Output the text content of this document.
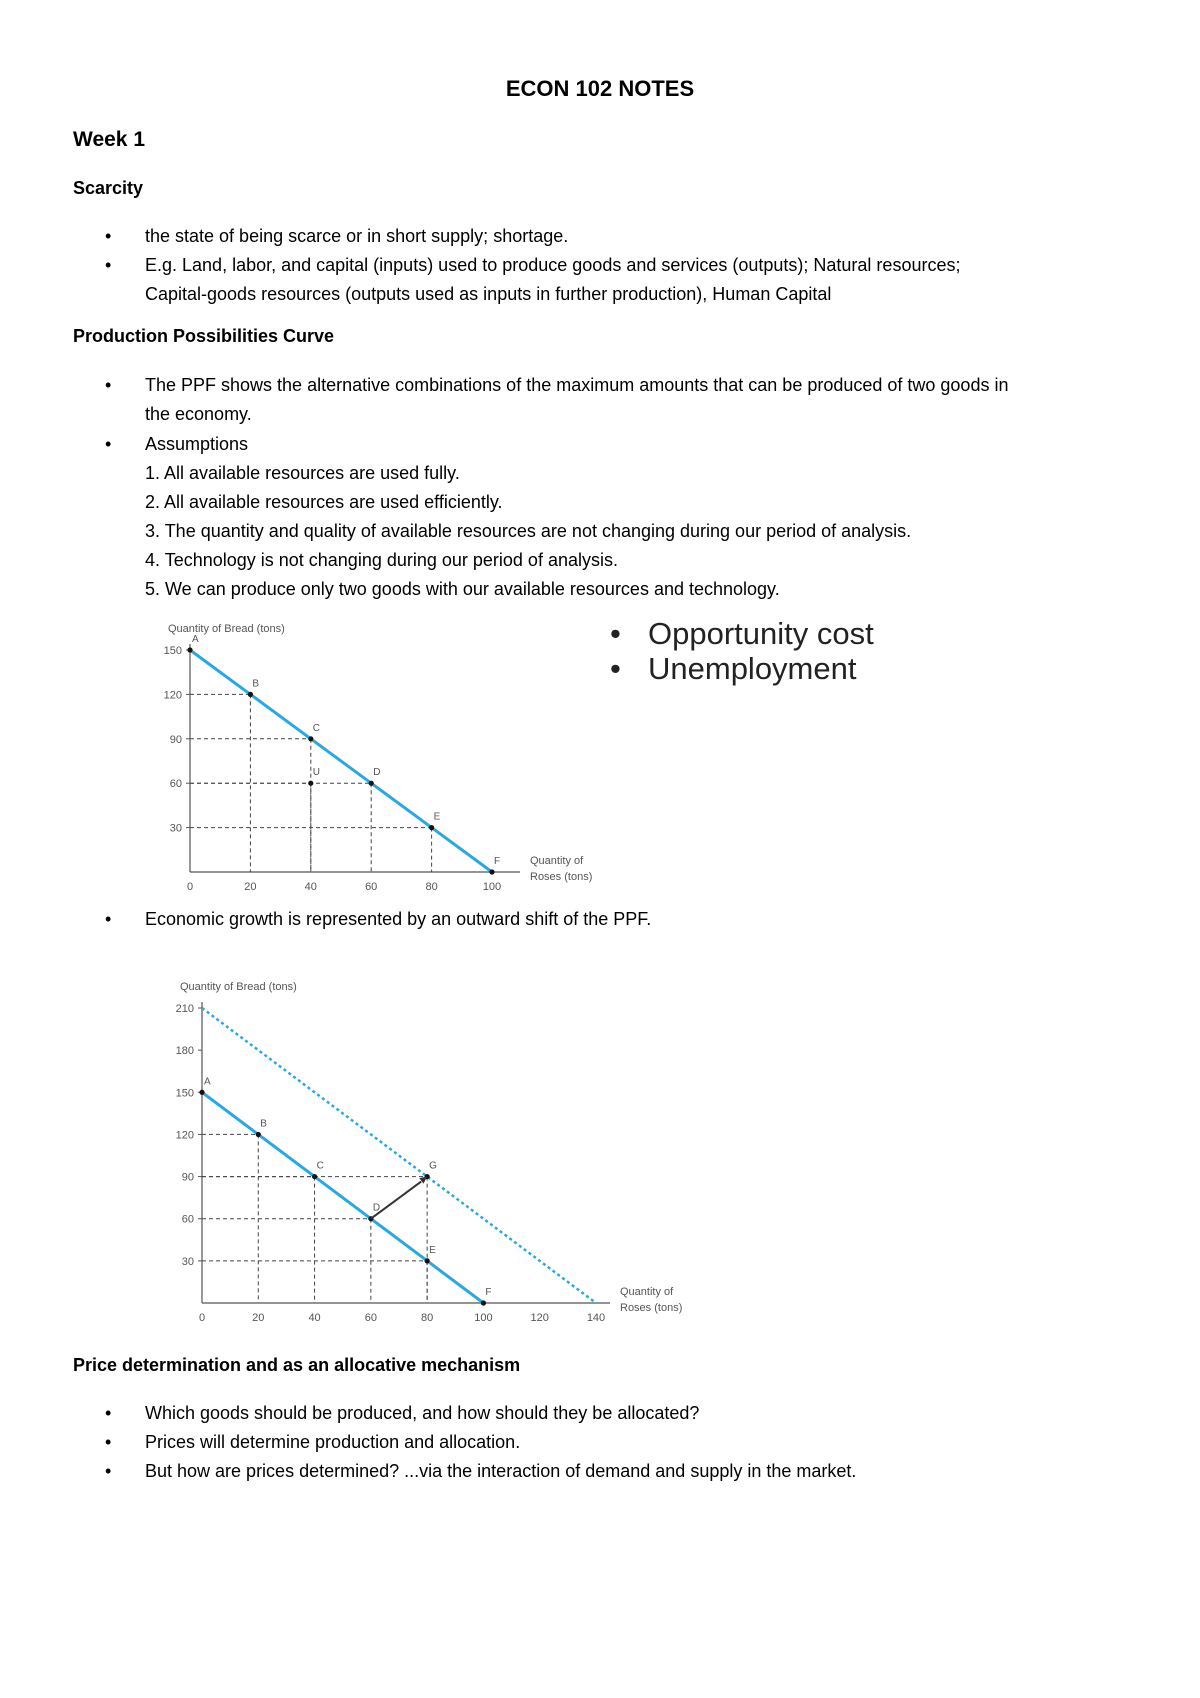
ECON 102 NOTES
Week 1
Scarcity
• the state of being scarce or in short supply; shortage.
• E.g. Land, labor, and capital (inputs) used to produce goods and services (outputs); Natural resources;
Capital-goods resources (outputs used as inputs in further production), Human Capital
Production Possibilities Curve
• The PPF shows the alternative combinations of the maximum amounts that can be produced of two goods in
the economy.
• Assumptions
1. All available resources are used fully.
2. All available resources are used efficiently.
3. The quantity and quality of available resources are not changing during our period of analysis.
4. Technology is not changing during our period of analysis.
5. We can produce only two goods with our available resources and technology.
Quantity of Bread (tons)
30
60
90
120
150
0	20	40	60	80	100
Quantity of
Roses (tons)
A
B
C
D
E
F
U
• Opportunity cost
• Unemployment
• Economic growth is represented by an outward shift of the PPF.
Quantity of Bread (tons)
30
60
90
120
150
180
210
0	20	40	60	80	100	120	140
Quantity of
Roses (tons)
A
B
C
D
E
F
G
Price determination and as an allocative mechanism
• Which goods should be produced, and how should they be allocated?
• Prices will determine production and allocation.
• But how are prices determined? ...via the interaction of demand and supply in the market.
